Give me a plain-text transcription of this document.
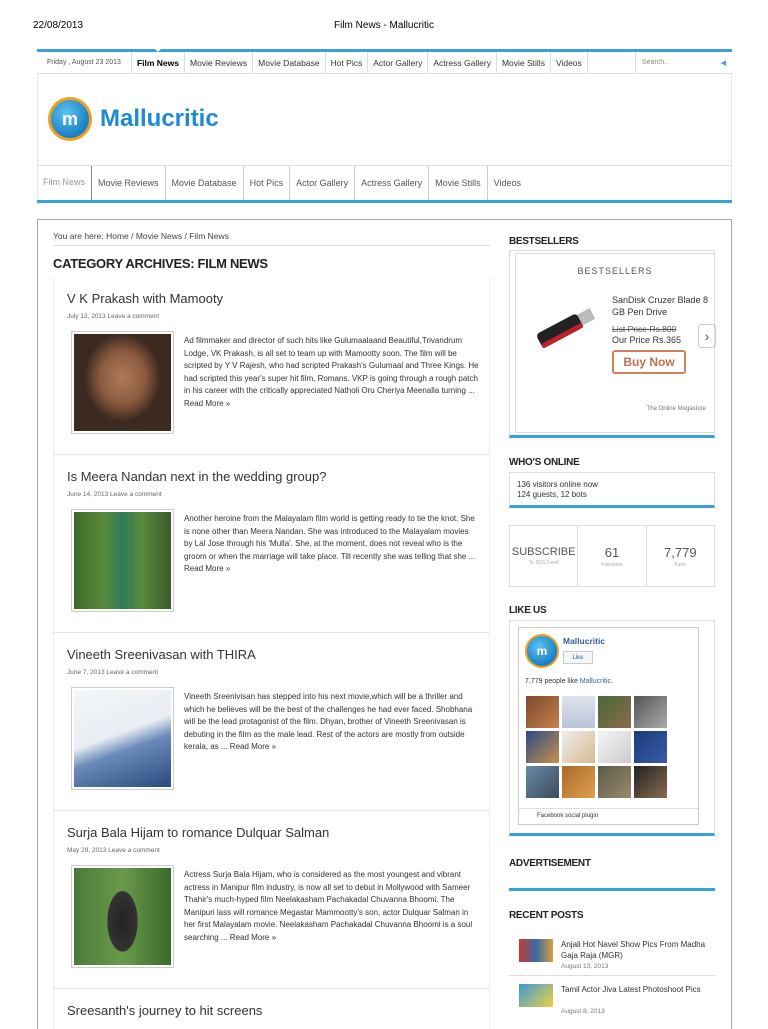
22/08/2013	Film News - Mallucritic
Friday , August 23 2013	Film News	Movie Reviews	Movie Database	Hot Pics	Actor Gallery	Actress Gallery	Movie Stills	Videos	Search...	◀
m Mallucritic
Film News	Movie Reviews	Movie Database	Hot Pics	Actor Gallery	Actress Gallery	Movie Stills	Videos
You are here: Home / Movie News / Film News
CATEGORY ARCHIVES: FILM NEWS
V K Prakash with Mamooty
July 13, 2013 Leave a comment
Ad filmmaker and director of such hits like Gulumaalaand Beautiful,Trivandrum Lodge, VK Prakash, is all set to team up with Mamootty soon. The film will be scripted by Y V Rajesh, who had scripted Prakash's Gulumaal and Three Kings. He had scripted this year's super hit film, Romans. VKP is going through a rough patch in his career with the critically appreciated Natholi Oru Cheriya Meenalla turning ... Read More »
Is Meera Nandan next in the wedding group?
June 14, 2013 Leave a comment
Another heroine from the Malayalam film world is getting ready to tie the knot. She is none other than Meera Nandan. She was introduced to the Malayalam movies by Lal Jose through his 'Mulla'. She, at the moment, does not reveal who is the groom or when the marriage will take place. Till recently she was telling that she ... Read More »
Vineeth Sreenivasan with THIRA
June 7, 2013 Leave a comment
Vineeth Sreenivisan has stepped into his next movie,which will be a thriller and which he believes will be the best of the challenges he had ever faced. Shobhana will be the lead protagonist of the film. Dhyan, brother of Vineeth Sreenivasan is debuting in the film as the male lead. Rest of the actors are mostly from outside kerala, as ... Read More »
Surja Bala Hijam to romance Dulquar Salman
May 29, 2013 Leave a comment
Actress Surja Bala Hijam, who is considered as the most youngest and vibrant actress in Manipur film industry, is now all set to debut in Mollywood with Sameer Thahir's much-hyped film Neelakasham Pachakadal Chuvanna Bhoomi. The Manipuri lass will romance Megastar Mammootty's son, actor Dulquar Salman in her first Malayalam movie. Neelakasham Pachakadal Chuvanna Bhoomi is a soul searching ... Read More »
Sreesanth's journey to hit screens
BESTSELLERS
BESTSELLERS
SanDisk Cruzer Blade 8 GB Pen Drive
List Price Rs.800
Our Price Rs.365
Buy Now
›
The Online Megastore
WHO'S ONLINE
136 visitors online now
124 guests, 12 bots
SUBSCRIBE
To RSS Feed
61
Followers
7,779
Fans
LIKE US
m
Mallucritic
Like
7,779 people like Mallucritic.
Facebook social plugin
ADVERTISEMENT
RECENT POSTS
Anjali Hot Navel Show Pics From Madha Gaja Raja (MGR)
August 13, 2013
Tamil Actor Jiva Latest Photoshoot Pics
August 8, 2013
